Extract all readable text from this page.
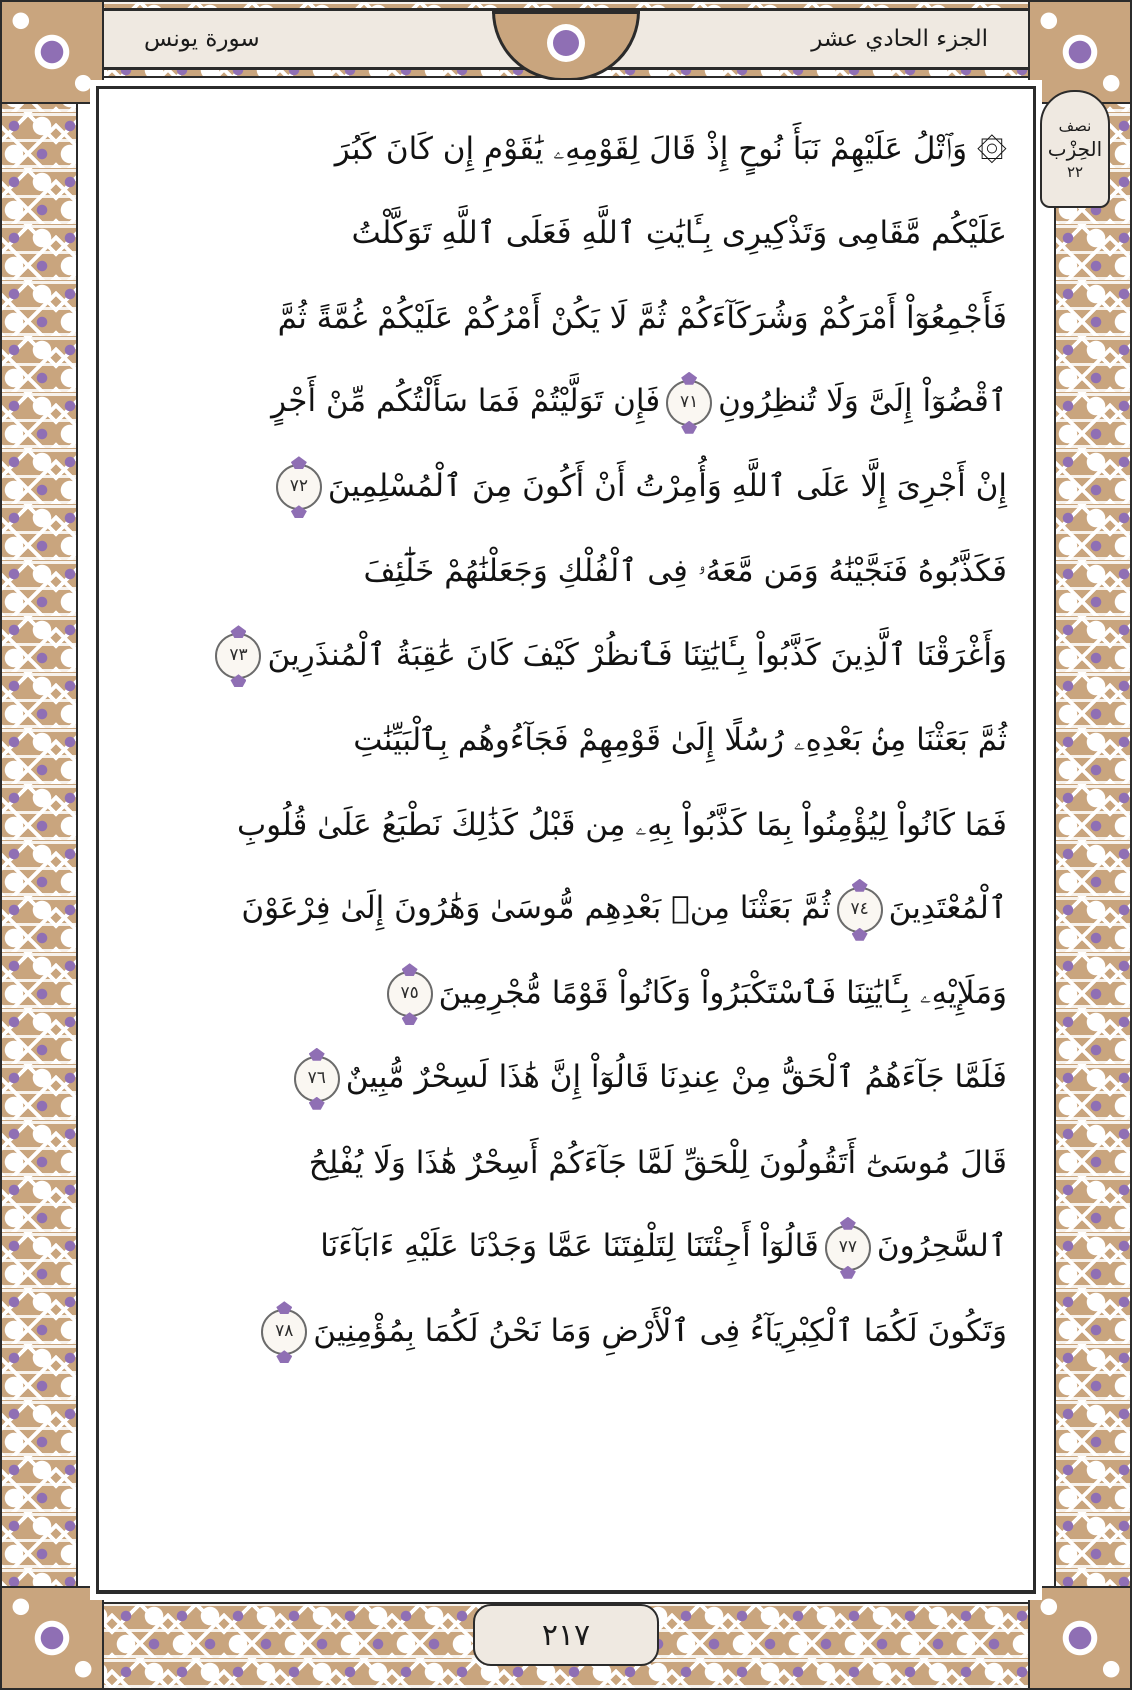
الجزء الحادي عشر
سورة يونس
۞ وَٱتْلُ عَلَيْهِمْ نَبَأَ نُوحٍ إِذْ قَالَ لِقَوْمِهِۦ يَٰقَوْمِ إِن كَانَ كَبُرَ
عَلَيْكُم مَّقَامِى وَتَذْكِيرِى بِـَٔايَٰتِ ٱللَّهِ فَعَلَى ٱللَّهِ تَوَكَّلْتُ
فَأَجْمِعُوٓاْ أَمْرَكُمْ وَشُرَكَآءَكُمْ ثُمَّ لَا يَكُنْ أَمْرُكُمْ عَلَيْكُمْ غُمَّةً ثُمَّ
ٱقْضُوٓاْ إِلَىَّ وَلَا تُنظِرُونِ٧١فَإِن تَوَلَّيْتُمْ فَمَا سَأَلْتُكُم مِّنْ أَجْرٍ
إِنْ أَجْرِىَ إِلَّا عَلَى ٱللَّهِ وَأُمِرْتُ أَنْ أَكُونَ مِنَ ٱلْمُسْلِمِينَ٧٢
فَكَذَّبُوهُ فَنَجَّيْنَٰهُ وَمَن مَّعَهُۥ فِى ٱلْفُلْكِ وَجَعَلْنَٰهُمْ خَلَٰٓئِفَ
وَأَغْرَقْنَا ٱلَّذِينَ كَذَّبُواْ بِـَٔايَٰتِنَا فَٱنظُرْ كَيْفَ كَانَ عَٰقِبَةُ ٱلْمُنذَرِينَ٧٣
ثُمَّ بَعَثْنَا مِنۢ بَعْدِهِۦ رُسُلًا إِلَىٰ قَوْمِهِمْ فَجَآءُوهُم بِٱلْبَيِّنَٰتِ
فَمَا كَانُواْ لِيُؤْمِنُواْ بِمَا كَذَّبُواْ بِهِۦ مِن قَبْلُ كَذَٰلِكَ نَطْبَعُ عَلَىٰ قُلُوبِ
ٱلْمُعْتَدِينَ٧٤ثُمَّ بَعَثْنَا مِنۢ بَعْدِهِم مُّوسَىٰ وَهَٰرُونَ إِلَىٰ فِرْعَوْنَ
وَمَلَإِيْهِۦ بِـَٔايَٰتِنَا فَٱسْتَكْبَرُواْ وَكَانُواْ قَوْمًا مُّجْرِمِينَ٧٥
فَلَمَّا جَآءَهُمُ ٱلْحَقُّ مِنْ عِندِنَا قَالُوٓاْ إِنَّ هَٰذَا لَسِحْرٌ مُّبِينٌ٧٦
قَالَ مُوسَىٰٓ أَتَقُولُونَ لِلْحَقِّ لَمَّا جَآءَكُمْ أَسِحْرٌ هَٰذَا وَلَا يُفْلِحُ
ٱلسَّٰحِرُونَ٧٧قَالُوٓاْ أَجِئْتَنَا لِتَلْفِتَنَا عَمَّا وَجَدْنَا عَلَيْهِ ءَابَآءَنَا
وَتَكُونَ لَكُمَا ٱلْكِبْرِيَآءُ فِى ٱلْأَرْضِ وَمَا نَحْنُ لَكُمَا بِمُؤْمِنِينَ٧٨
نصف
الحِزْب
٢٢
٢١٧
